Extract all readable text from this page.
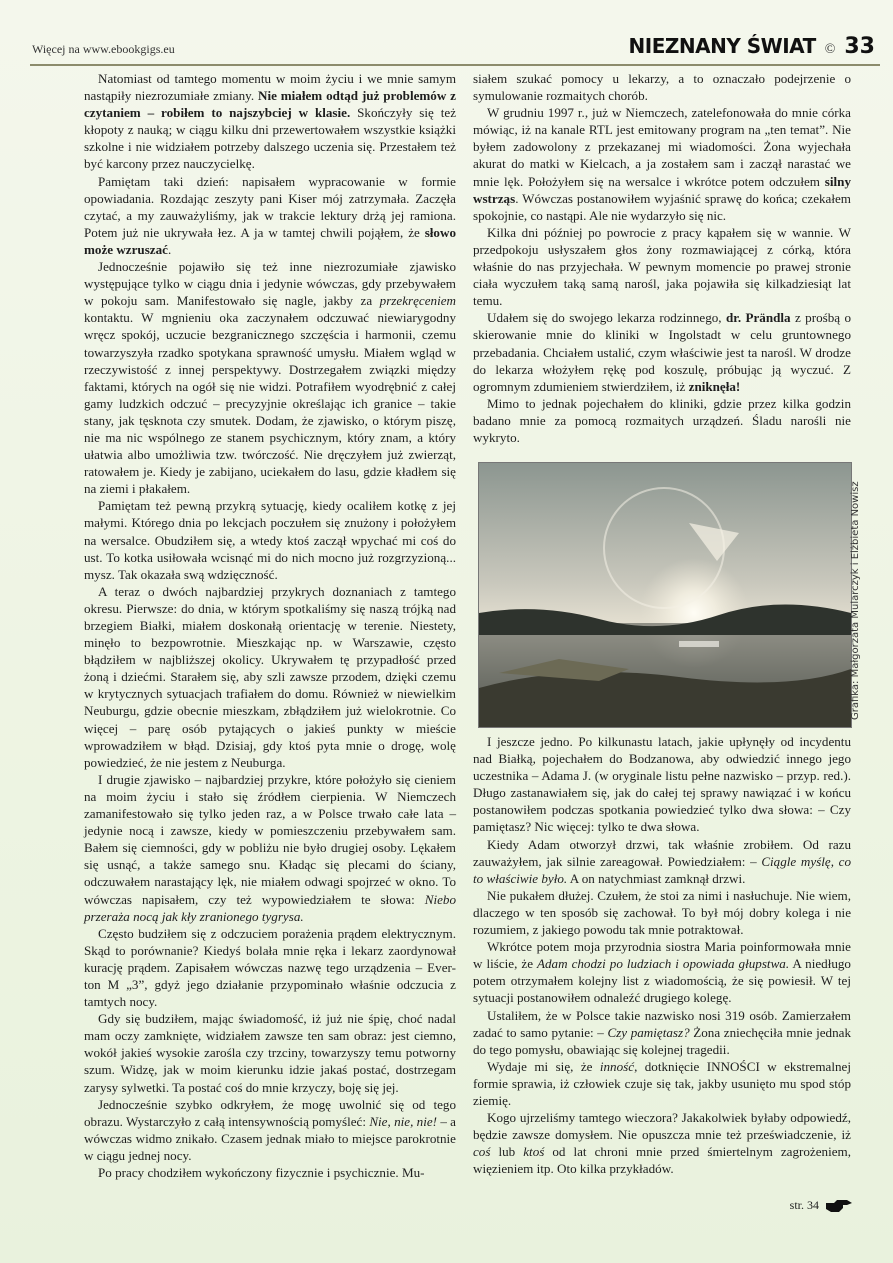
Więcej na www.ebookgigs.eu	NIEZNANY ŚWIAT © 33

Natomiast od tamtego momentu w moim życiu i we mnie samym nastąpiły niezrozumiałe zmiany. Nie miałem odtąd już problemów z czytaniem – robiłem to najszybciej w klasie. Skończyły się też kłopoty z nauką; w ciągu kilku dni przewertowałem wszystkie książki szkolne i nie widziałem potrzeby dalszego uczenia się. Przestałem też być karcony przez nauczycielkę.

Pamiętam taki dzień: napisałem wypracowanie w formie opowiadania. Rozdając zeszyty pani Kiser mój zatrzymała. Zaczęła czytać, a my zauważyliśmy, jak w trakcie lektury drżą jej ramiona. Potem już nie ukrywała łez. A ja w tamtej chwili pojąłem, że słowo może wzruszać.

Jednocześnie pojawiło się też inne niezrozumiałe zjawisko występujące tylko w ciągu dnia i jedynie wówczas, gdy przebywałem w pokoju sam. Manifestowało się nagle, jakby za przekręceniem kontaktu. W mgnieniu oka zaczynałem odczuwać niewiarygodny wręcz spokój, uczucie bezgranicznego szczęścia i harmonii, czemu towarzyszyła rzadko spotykana sprawność umysłu. Miałem wgląd w rzeczywistość z innej perspektywy. Dostrzegałem związki między faktami, których na ogół się nie widzi. Potrafiłem wyodrębnić z całej gamy ludzkich odczuć – precyzyjnie określając ich granice – takie stany, jak tęsknota czy smutek. Dodam, że zjawisko, o którym piszę, nie ma nic wspólnego ze stanem psychicznym, który znam, a który ułatwia albo umożliwia tzw. twórczość. Nie dręczyłem już zwierząt, ratowałem je. Kiedy je zabijano, uciekałem do lasu, gdzie kładłem się na ziemi i płakałem.

Pamiętam też pewną przykrą sytuację, kiedy ocaliłem kotkę z jej małymi. Którego dnia po lekcjach poczułem się znużony i położyłem na wersalce. Obudziłem się, a wtedy ktoś zaczął wpychać mi coś do ust. To kotka usiłowała wcisnąć mi do nich mocno już rozgrzyzioną... mysz. Tak okazała swą wdzięczność.

A teraz o dwóch najbardziej przykrych doznaniach z tamtego okresu. Pierwsze: do dnia, w którym spotkaliśmy się naszą trójką nad brzegiem Białki, miałem doskonałą orientację w terenie. Niestety, minęło to bezpowrotnie. Mieszkając np. w Warszawie, często błądziłem w najbliższej okolicy. Ukrywałem tę przypadłość przed żoną i dziećmi. Starałem się, aby szli zawsze przodem, dzięki czemu w krytycznych sytuacjach trafiałem do domu. Również w niewielkim Neuburgu, gdzie obecnie mieszkam, zbłądziłem już wielokrotnie. Co więcej – parę osób pytających o jakieś punkty w mieście wprowadziłem w błąd. Dzisiaj, gdy ktoś pyta mnie o drogę, wolę powiedzieć, że nie jestem z Neuburga.

I drugie zjawisko – najbardziej przykre, które położyło się cieniem na moim życiu i stało się źródłem cierpienia. W Niemczech zamanifestowało się tylko jeden raz, a w Polsce trwało całe lata – jedynie nocą i zawsze, kiedy w pomieszczeniu przebywałem sam. Bałem się ciemności, gdy w pobliżu nie było drugiej osoby. Lękałem się usnąć, a także samego snu. Kładąc się plecami do ściany, odczuwałem narastający lęk, nie miałem odwagi spojrzeć w okno. To wówczas napisałem, czy też wypowiedziałem te słowa: Niebo przeraża nocą jak kły zranionego tygrysa.

Często budziłem się z odczuciem porażenia prądem elektrycznym. Skąd to porównanie? Kiedyś bolała mnie ręka i lekarz zaordynował kurację prądem. Zapisałem wówczas nazwę tego urządzenia – Ever-ton M „3”, gdyż jego działanie przypominało właśnie odczucia z tamtych nocy.

Gdy się budziłem, mając świadomość, iż już nie śpię, choć nadal mam oczy zamknięte, widziałem zawsze ten sam obraz: jest ciemno, wokół jakieś wysokie zarośla czy trzciny, towarzyszy temu potworny szum. Widzę, jak w moim kierunku idzie jakaś postać, dostrzegam zarysy sylwetki. Ta postać coś do mnie krzyczy, boję się jej.

Jednocześnie szybko odkryłem, że mogę uwolnić się od tego obrazu. Wystarczyło z całą intensywnością pomyśleć: Nie, nie, nie! – a wówczas widmo znikało. Czasem jednak miało to miejsce parokrotnie w ciągu jednej nocy.

Po pracy chodziłem wykończony fizycznie i psychicznie. Mu-

siałem szukać pomocy u lekarzy, a to oznaczało podejrzenie o symulowanie rozmaitych chorób.

W grudniu 1997 r., już w Niemczech, zatelefonowała do mnie córka mówiąc, iż na kanale RTL jest emitowany program na „ten temat”. Nie byłem zadowolony z przekazanej mi wiadomości. Żona wyjechała akurat do matki w Kielcach, a ja zostałem sam i zaczął narastać we mnie lęk. Położyłem się na wersalce i wkrótce potem odczułem silny wstrząs. Wówczas postanowiłem wyjaśnić sprawę do końca; czekałem spokojnie, co nastąpi. Ale nie wydarzyło się nic.

Kilka dni później po powrocie z pracy kąpałem się w wannie. W przedpokoju usłyszałem głos żony rozmawiającej z córką, która właśnie do nas przyjechała. W pewnym momencie po prawej stronie ciała wyczułem taką samą narośl, jaka pojawiła się kilkadziesiąt lat temu.

Udałem się do swojego lekarza rodzinnego, dr. Prändla z prośbą o skierowanie mnie do kliniki w Ingolstadt w celu gruntownego przebadania. Chciałem ustalić, czym właściwie jest ta narośl. W drodze do lekarza włożyłem rękę pod koszulę, próbując ją wyczuć. Z ogromnym zdumieniem stwierdziłem, iż zniknęła!

Mimo to jednak pojechałem do kliniki, gdzie przez kilka godzin badano mnie za pomocą rozmaitych urządzeń. Śladu narośli nie wykryto.

Grafika: Małgorzata Mularczyk i Elżbieta Nowisz

I jeszcze jedno. Po kilkunastu latach, jakie upłynęły od incydentu nad Białką, pojechałem do Bodzanowa, aby odwiedzić innego jego uczestnika – Adama J. (w oryginale listu pełne nazwisko – przyp. red.). Długo zastanawiałem się, jak do całej tej sprawy nawiązać i w końcu postanowiłem podczas spotkania powiedzieć tylko dwa słowa: – Czy pamiętasz? Nic więcej: tylko te dwa słowa.

Kiedy Adam otworzył drzwi, tak właśnie zrobiłem. Od razu zauważyłem, jak silnie zareagował. Powiedziałem: – Ciągle myślę, co to właściwie było. A on natychmiast zamknął drzwi.

Nie pukałem dłużej. Czułem, że stoi za nimi i nasłuchuje. Nie wiem, dlaczego w ten sposób się zachował. To był mój dobry kolega i nie rozumiem, z jakiego powodu tak mnie potraktował.

Wkrótce potem moja przyrodnia siostra Maria poinformowała mnie w liście, że Adam chodzi po ludziach i opowiada głupstwa. A niedługo potem otrzymałem kolejny list z wiadomością, że się powiesił. W tej sytuacji postanowiłem odnaleźć drugiego kolegę.

Ustaliłem, że w Polsce takie nazwisko nosi 319 osób. Zamierzałem zadać to samo pytanie: – Czy pamiętasz? Żona zniechęciła mnie jednak do tego pomysłu, obawiając się kolejnej tragedii.

Wydaje mi się, że inność, dotknięcie INNOŚCI w ekstremalnej formie sprawia, iż człowiek czuje się tak, jakby usunięto mu spod stóp ziemię.

Kogo ujrzeliśmy tamtego wieczora? Jakakolwiek byłaby odpowiedź, będzie zawsze domysłem. Nie opuszcza mnie też przeświadczenie, iż coś lub ktoś od lat chroni mnie przed śmiertelnym zagrożeniem, więzieniem itp. Oto kilka przykładów.

str. 34
